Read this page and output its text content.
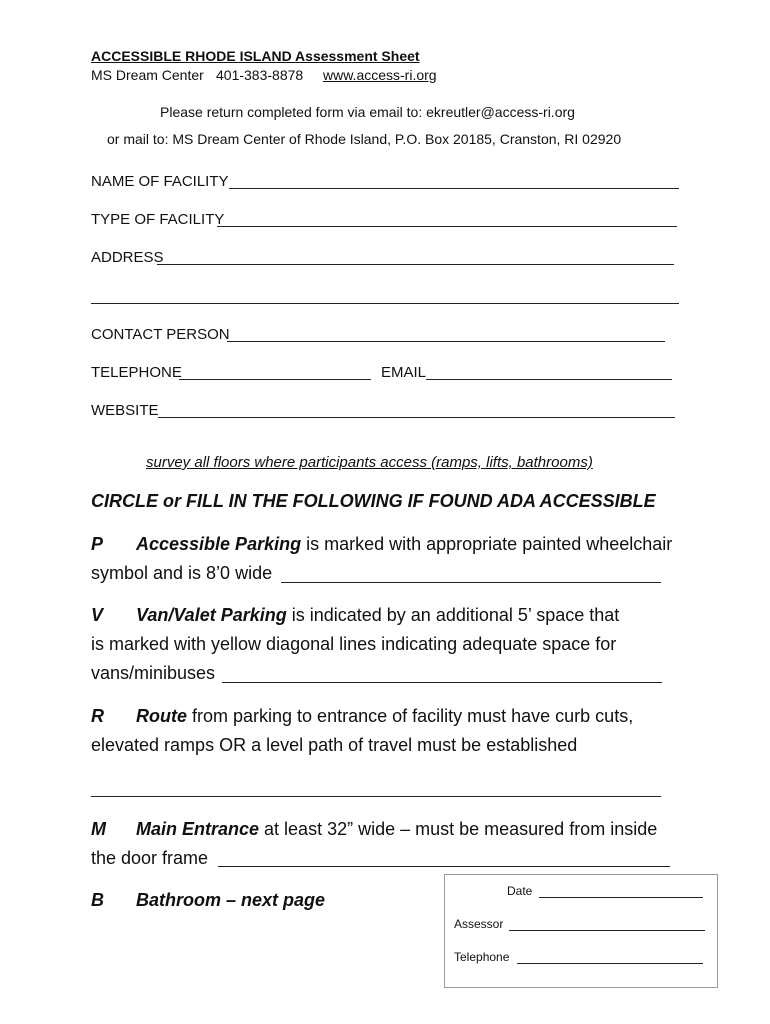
ACCESSIBLE RHODE ISLAND Assessment Sheet
MS Dream Center 401-383-8878 www.access-ri.org
Please return completed form via email to: ekreutler@access-ri.org
or mail to: MS Dream Center of Rhode Island, P.O. Box 20185, Cranston, RI 02920
NAME OF FACILITY
TYPE OF FACILITY
ADDRESS
CONTACT PERSON
TELEPHONE	EMAIL
WEBSITE
survey all floors where participants access (ramps, lifts, bathrooms)
CIRCLE or FILL IN THE FOLLOWING IF FOUND ADA ACCESSIBLE
P Accessible Parking is marked with appropriate painted wheelchair
symbol and is 8’0 wide
V Van/Valet Parking is indicated by an additional 5’ space that
is marked with yellow diagonal lines indicating adequate space for
vans/minibuses
R Route from parking to entrance of facility must have curb cuts,
elevated ramps OR a level path of travel must be established
M Main Entrance at least 32” wide – must be measured from inside
the door frame
B Bathroom – next page	Date
Assessor
Telephone
